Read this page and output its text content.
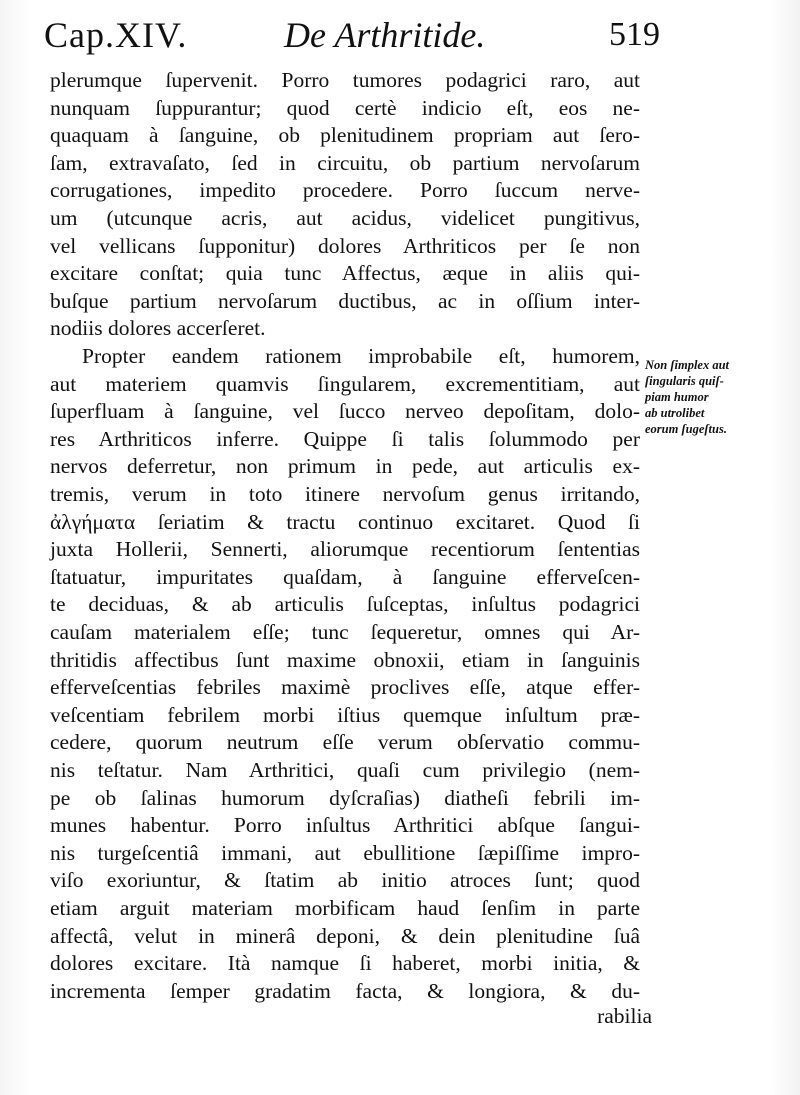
Cap.XIV.	De Arthritide.	519
plerumque ſupervenit. Porro tumores podagrici raro, aut
nunquam ſuppurantur; quod certè indicio eſt, eos ne-
quaquam à ſanguine, ob plenitudinem propriam aut ſero-
ſam, extravaſato, ſed in circuitu, ob partium nervoſarum
corrugationes, impedito procedere. Porro ſuccum nerve-
um (utcunque acris, aut acidus, videlicet pungitivus,
vel vellicans ſupponitur) dolores Arthriticos per ſe non
excitare conſtat; quia tunc Affectus, æque in aliis qui-
buſque partium nervoſarum ductibus, ac in oſſium inter-
nodiis dolores accerſeret.
Propter eandem rationem improbabile eſt, humorem,
aut materiem quamvis ſingularem, excrementitiam, aut
ſuperfluam à ſanguine, vel ſucco nerveo depoſitam, dolo-
res Arthriticos inferre. Quippe ſi talis ſolummodo per
nervos deferretur, non primum in pede, aut articulis ex-
tremis, verum in toto itinere nervoſum genus irritando,
ἀλγήματα ſeriatim & tractu continuo excitaret. Quod ſi
juxta Hollerii, Sennerti, aliorumque recentiorum ſententias
ſtatuatur, impuritates quaſdam, à ſanguine efferveſcen-
te deciduas, & ab articulis ſuſceptas, inſultus podagrici
cauſam materialem eſſe; tunc ſequeretur, omnes qui Ar-
thritidis affectibus ſunt maxime obnoxii, etiam in ſanguinis
efferveſcentias febriles maximè proclives eſſe, atque effer-
veſcentiam febrilem morbi iſtius quemque inſultum præ-
cedere, quorum neutrum eſſe verum obſervatio commu-
nis teſtatur. Nam Arthritici, quaſi cum privilegio (nem-
pe ob ſalinas humorum dyſcraſias) diatheſi febrili im-
munes habentur. Porro inſultus Arthritici abſque ſangui-
nis turgeſcentiâ immani, aut ebullitione ſæpiſſime impro-
viſo exoriuntur, & ſtatim ab initio atroces ſunt; quod
etiam arguit materiam morbificam haud ſenſim in parte
affectâ, velut in minerâ deponi, & dein plenitudine ſuâ
dolores excitare. Ità namque ſi haberet, morbi initia, &
incrementa ſemper gradatim facta, & longiora, & du-
rabilia
Non ſimplex aut
ſingularis quiſ-
piam humor
ab utrolibet
eorum ſugeſtus.
